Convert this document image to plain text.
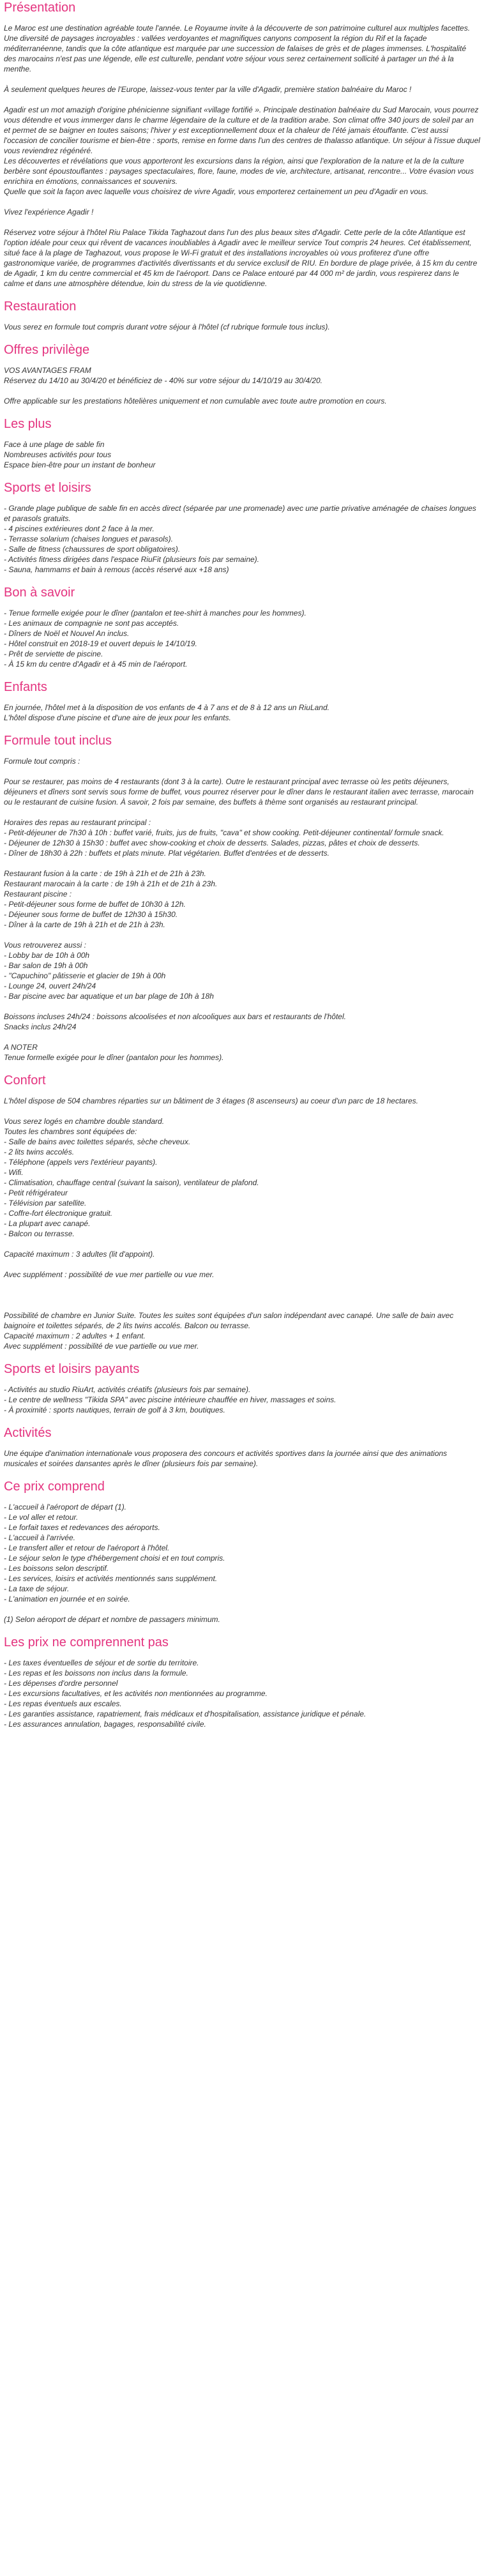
Présentation

Le Maroc est une destination agréable toute l'année. Le Royaume invite à la découverte de son patrimoine culturel aux multiples facettes. Une diversité de paysages incroyables : vallées verdoyantes et magnifiques canyons composent la région du Rif et la façade méditerranéenne, tandis que la côte atlantique est marquée par une succession de falaises de grès et de plages immenses. L'hospitalité des marocains n'est pas une légende, elle est culturelle, pendant votre séjour vous serez certainement sollicité à partager un thé à la menthe.

À seulement quelques heures de l'Europe, laissez-vous tenter par la ville d'Agadir, première station balnéaire du Maroc !

Agadir est un mot amazigh d'origine phénicienne signifiant «village fortifié ». Principale destination balnéaire du Sud Marocain, vous pourrez vous détendre et vous immerger dans le charme légendaire de la culture et de la tradition arabe. Son climat offre 340 jours de soleil par an et permet de se baigner en toutes saisons; l'hiver y est exceptionnellement doux et la chaleur de l'été jamais étouffante. C'est aussi l'occasion de concilier tourisme et bien-être : sports, remise en forme dans l'un des centres de thalasso atlantique. Un séjour à l'issue duquel vous reviendrez régénéré.
Les découvertes et révélations que vous apporteront les excursions dans la région, ainsi que l'exploration de la nature et la de la culture berbère sont époustouflantes : paysages spectaculaires, flore, faune, modes de vie, architecture, artisanat, rencontre... Votre évasion vous enrichira en émotions, connaissances et souvenirs.
Quelle que soit la façon avec laquelle vous choisirez de vivre Agadir, vous emporterez certainement un peu d'Agadir en vous.

Vivez l'expérience Agadir !

Réservez votre séjour à l'hôtel Riu Palace Tikida Taghazout dans l'un des plus beaux sites d'Agadir. Cette perle de la côte Atlantique est l'option idéale pour ceux qui rêvent de vacances inoubliables à Agadir avec le meilleur service Tout compris 24 heures. Cet établissement, situé face à la plage de Taghazout, vous propose le Wi-Fi gratuit et des installations incroyables où vous profiterez d'une offre gastronomique variée, de programmes d'activités divertissants et du service exclusif de RIU. En bordure de plage privée, à 15 km du centre de Agadir, 1 km du centre commercial et 45 km de l'aéroport. Dans ce Palace entouré par 44 000 m² de jardin, vous respirerez dans le calme et dans une atmosphère détendue, loin du stress de la vie quotidienne.

Restauration

Vous serez en formule tout compris durant votre séjour à l'hôtel (cf rubrique formule tous inclus).

Offres privilège

VOS AVANTAGES FRAM
Réservez du 14/10 au 30/4/20 et bénéficiez de - 40% sur votre séjour du 14/10/19 au 30/4/20.

Offre applicable sur les prestations hôtelières uniquement et non cumulable avec toute autre promotion en cours.

Les plus

Face à une plage de sable fin
Nombreuses activités pour tous
Espace bien-être pour un instant de bonheur

Sports et loisirs

- Grande plage publique de sable fin en accès direct (séparée par une promenade) avec une partie privative aménagée de chaises longues et parasols gratuits.
- 4 piscines extérieures dont 2 face à la mer.
- Terrasse solarium (chaises longues et parasols).
- Salle de fitness (chaussures de sport obligatoires).
- Activités fitness dirigées dans l'espace RiuFit (plusieurs fois par semaine).
- Sauna, hammams et bain à remous (accès réservé aux +18 ans)

Bon à savoir

- Tenue formelle exigée pour le dîner (pantalon et tee-shirt à manches pour les hommes).
- Les animaux de compagnie ne sont pas acceptés.
- Dîners de Noël et Nouvel An inclus.
- Hôtel construit en 2018-19 et ouvert depuis le 14/10/19.
- Prêt de serviette de piscine.
- À 15 km du centre d'Agadir et à 45 min de l'aéroport.

Enfants

En journée, l'hôtel met à la disposition de vos enfants de 4 à 7 ans et de 8 à 12 ans un RiuLand.
L'hôtel dispose d'une piscine et d'une aire de jeux pour les enfants.

Formule tout inclus

Formule tout compris :

Pour se restaurer, pas moins de 4 restaurants (dont 3 à la carte). Outre le restaurant principal avec terrasse où les petits déjeuners, déjeuners et dîners sont servis sous forme de buffet, vous pourrez réserver pour le dîner dans le restaurant italien avec terrasse, marocain ou le restaurant de cuisine fusion. À savoir, 2 fois par semaine, des buffets à thème sont organisés au restaurant principal.

Horaires des repas au restaurant principal :
- Petit-déjeuner de 7h30 à 10h : buffet varié, fruits, jus de fruits, "cava" et show cooking. Petit-déjeuner continental/ formule snack.
- Déjeuner de 12h30 à 15h30 : buffet avec show-cooking et choix de desserts. Salades, pizzas, pâtes et choix de desserts.
- Dîner de 18h30 à 22h : buffets et plats minute. Plat végétarien. Buffet d'entrées et de desserts.

Restaurant fusion à la carte : de 19h à 21h et de 21h à 23h.
Restaurant marocain à la carte : de 19h à 21h et de 21h à 23h.
Restaurant piscine :
- Petit-déjeuner sous forme de buffet de 10h30 à 12h.
- Déjeuner sous forme de buffet de 12h30 à 15h30.
- Dîner à la carte de 19h à 21h et de 21h à 23h.

Vous retrouverez aussi :
- Lobby bar de 10h à 00h
- Bar salon de 19h à 00h
- "Capuchino" pâtisserie et glacier de 19h à 00h
- Lounge 24, ouvert 24h/24
- Bar piscine avec bar aquatique et un bar plage de 10h à 18h

Boissons incluses 24h/24 : boissons alcoolisées et non alcooliques aux bars et restaurants de l'hôtel.
Snacks inclus 24h/24

A NOTER
Tenue formelle exigée pour le dîner (pantalon pour les hommes).

Confort

L'hôtel dispose de 504 chambres réparties sur un bâtiment de 3 étages (8 ascenseurs) au coeur d'un parc de 18 hectares.

Vous serez logés en chambre double standard.
Toutes les chambres sont équipées de:
- Salle de bains avec toilettes séparés, sèche cheveux.
- 2 lits twins accolés.
- Téléphone (appels vers l'extérieur payants).
- Wifi.
- Climatisation, chauffage central (suivant la saison), ventilateur de plafond.
- Petit réfrigérateur
- Télévision par satellite.
- Coffre-fort électronique gratuit.
- La plupart avec canapé.
- Balcon ou terrasse.

Capacité maximum : 3 adultes (lit d'appoint).

Avec supplément : possibilité de vue mer partielle ou vue mer.

Possibilité de chambre en Junior Suite. Toutes les suites sont équipées d'un salon indépendant avec canapé. Une salle de bain avec baignoire et toilettes séparés, de 2 lits twins accolés. Balcon ou terrasse.
Capacité maximum : 2 adultes + 1 enfant.
Avec supplément : possibilité de vue partielle ou vue mer.

Sports et loisirs payants

- Activités au studio RiuArt, activités créatifs (plusieurs fois par semaine).
- Le centre de wellness "Tikida SPA" avec piscine intérieure chauffée en hiver, massages et soins.
- À proximité : sports nautiques, terrain de golf à 3 km, boutiques.

Activités

Une équipe d'animation internationale vous proposera des concours et activités sportives dans la journée ainsi que des animations musicales et soirées dansantes après le dîner (plusieurs fois par semaine).

Ce prix comprend

- L'accueil à l'aéroport de départ (1).
- Le vol aller et retour.
- Le forfait taxes et redevances des aéroports.
- L'accueil à l'arrivée.
- Le transfert aller et retour de l'aéroport à l'hôtel.
- Le séjour selon le type d'hébergement choisi et en tout compris.
- Les boissons selon descriptif.
- Les services, loisirs et activités mentionnés sans supplément.
- La taxe de séjour.
- L'animation en journée et en soirée.

(1) Selon aéroport de départ et nombre de passagers minimum.

Les prix ne comprennent pas

- Les taxes éventuelles de séjour et de sortie du territoire.
- Les repas et les boissons non inclus dans la formule.
- Les dépenses d'ordre personnel
- Les excursions facultatives, et les activités non mentionnées au programme.
- Les repas éventuels aux escales.
- Les garanties assistance, rapatriement, frais médicaux et d'hospitalisation, assistance juridique et pénale.
- Les assurances annulation, bagages, responsabilité civile.
